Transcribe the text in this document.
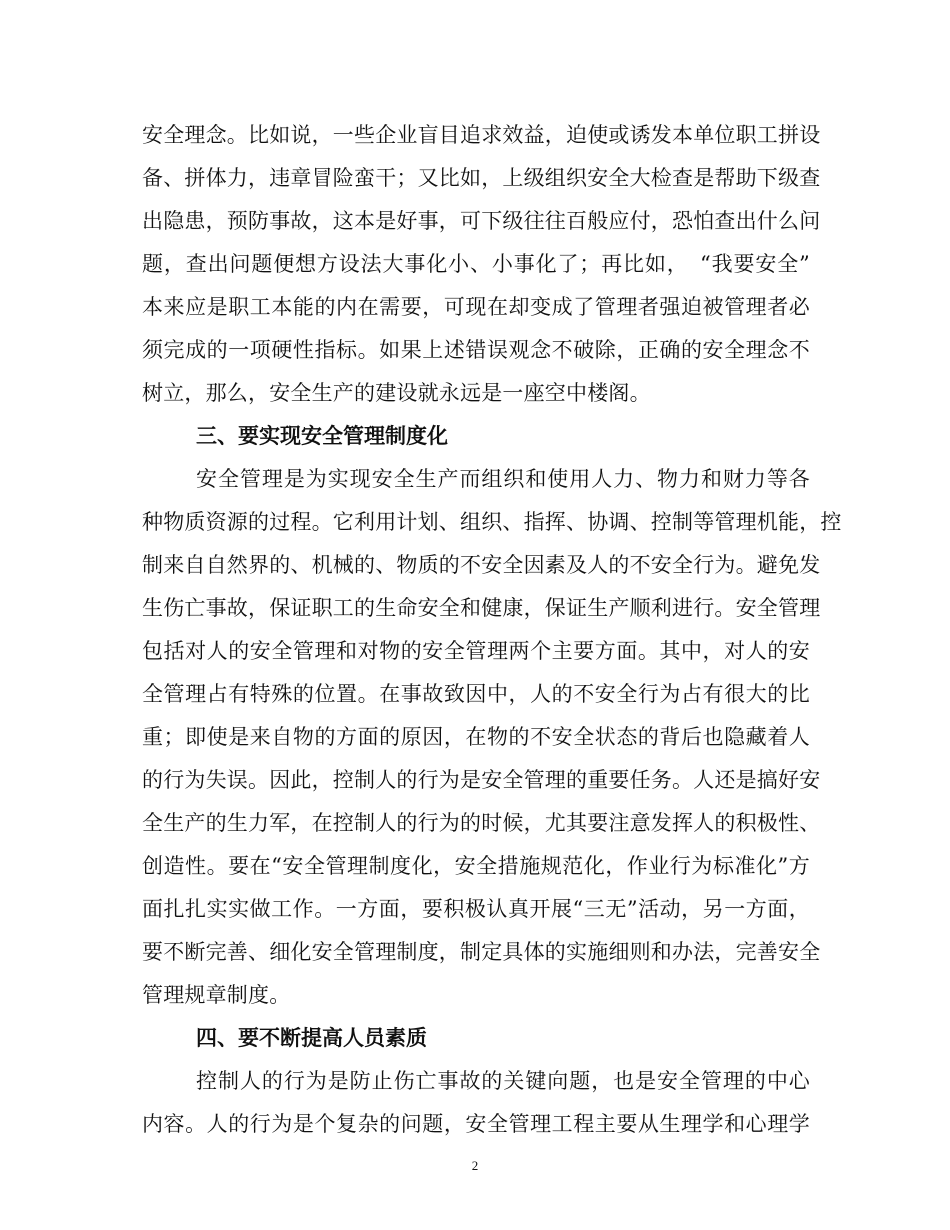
安全理念。比如说，一些企业盲目追求效益，迫使或诱发本单位职工拼设
备、拼体力，违章冒险蛮干；又比如，上级组织安全大检查是帮助下级查
出隐患，预防事故，这本是好事，可下级往往百般应付，恐怕查出什么问
题，查出问题便想方设法大事化小、小事化了；再比如，　“我要安全”
本来应是职工本能的内在需要，可现在却变成了管理者强迫被管理者必
须完成的一项硬性指标。如果上述错误观念不破除，正确的安全理念不
树立，那么，安全生产的建设就永远是一座空中楼阁。
三、要实现安全管理制度化
安全管理是为实现安全生产而组织和使用人力、物力和财力等各
种物质资源的过程。它利用计划、组织、指挥、协调、控制等管理机能，控
制来自自然界的、机械的、物质的不安全因素及人的不安全行为。避免发
生伤亡事故，保证职工的生命安全和健康，保证生产顺利进行。安全管理
包括对人的安全管理和对物的安全管理两个主要方面。其中，对人的安
全管理占有特殊的位置。在事故致因中，人的不安全行为占有很大的比
重；即使是来自物的方面的原因，在物的不安全状态的背后也隐藏着人
的行为失误。因此，控制人的行为是安全管理的重要任务。人还是搞好安
全生产的生力军，在控制人的行为的时候，尤其要注意发挥人的积极性、
创造性。要在“安全管理制度化，安全措施规范化，作业行为标准化”方
面扎扎实实做工作。一方面，要积极认真开展“三无”活动，另一方面，
要不断完善、细化安全管理制度，制定具体的实施细则和办法，完善安全
管理规章制度。
四、要不断提高人员素质
控制人的行为是防止伤亡事故的关键向题，也是安全管理的中心
内容。人的行为是个复杂的问题，安全管理工程主要从生理学和心理学
2
